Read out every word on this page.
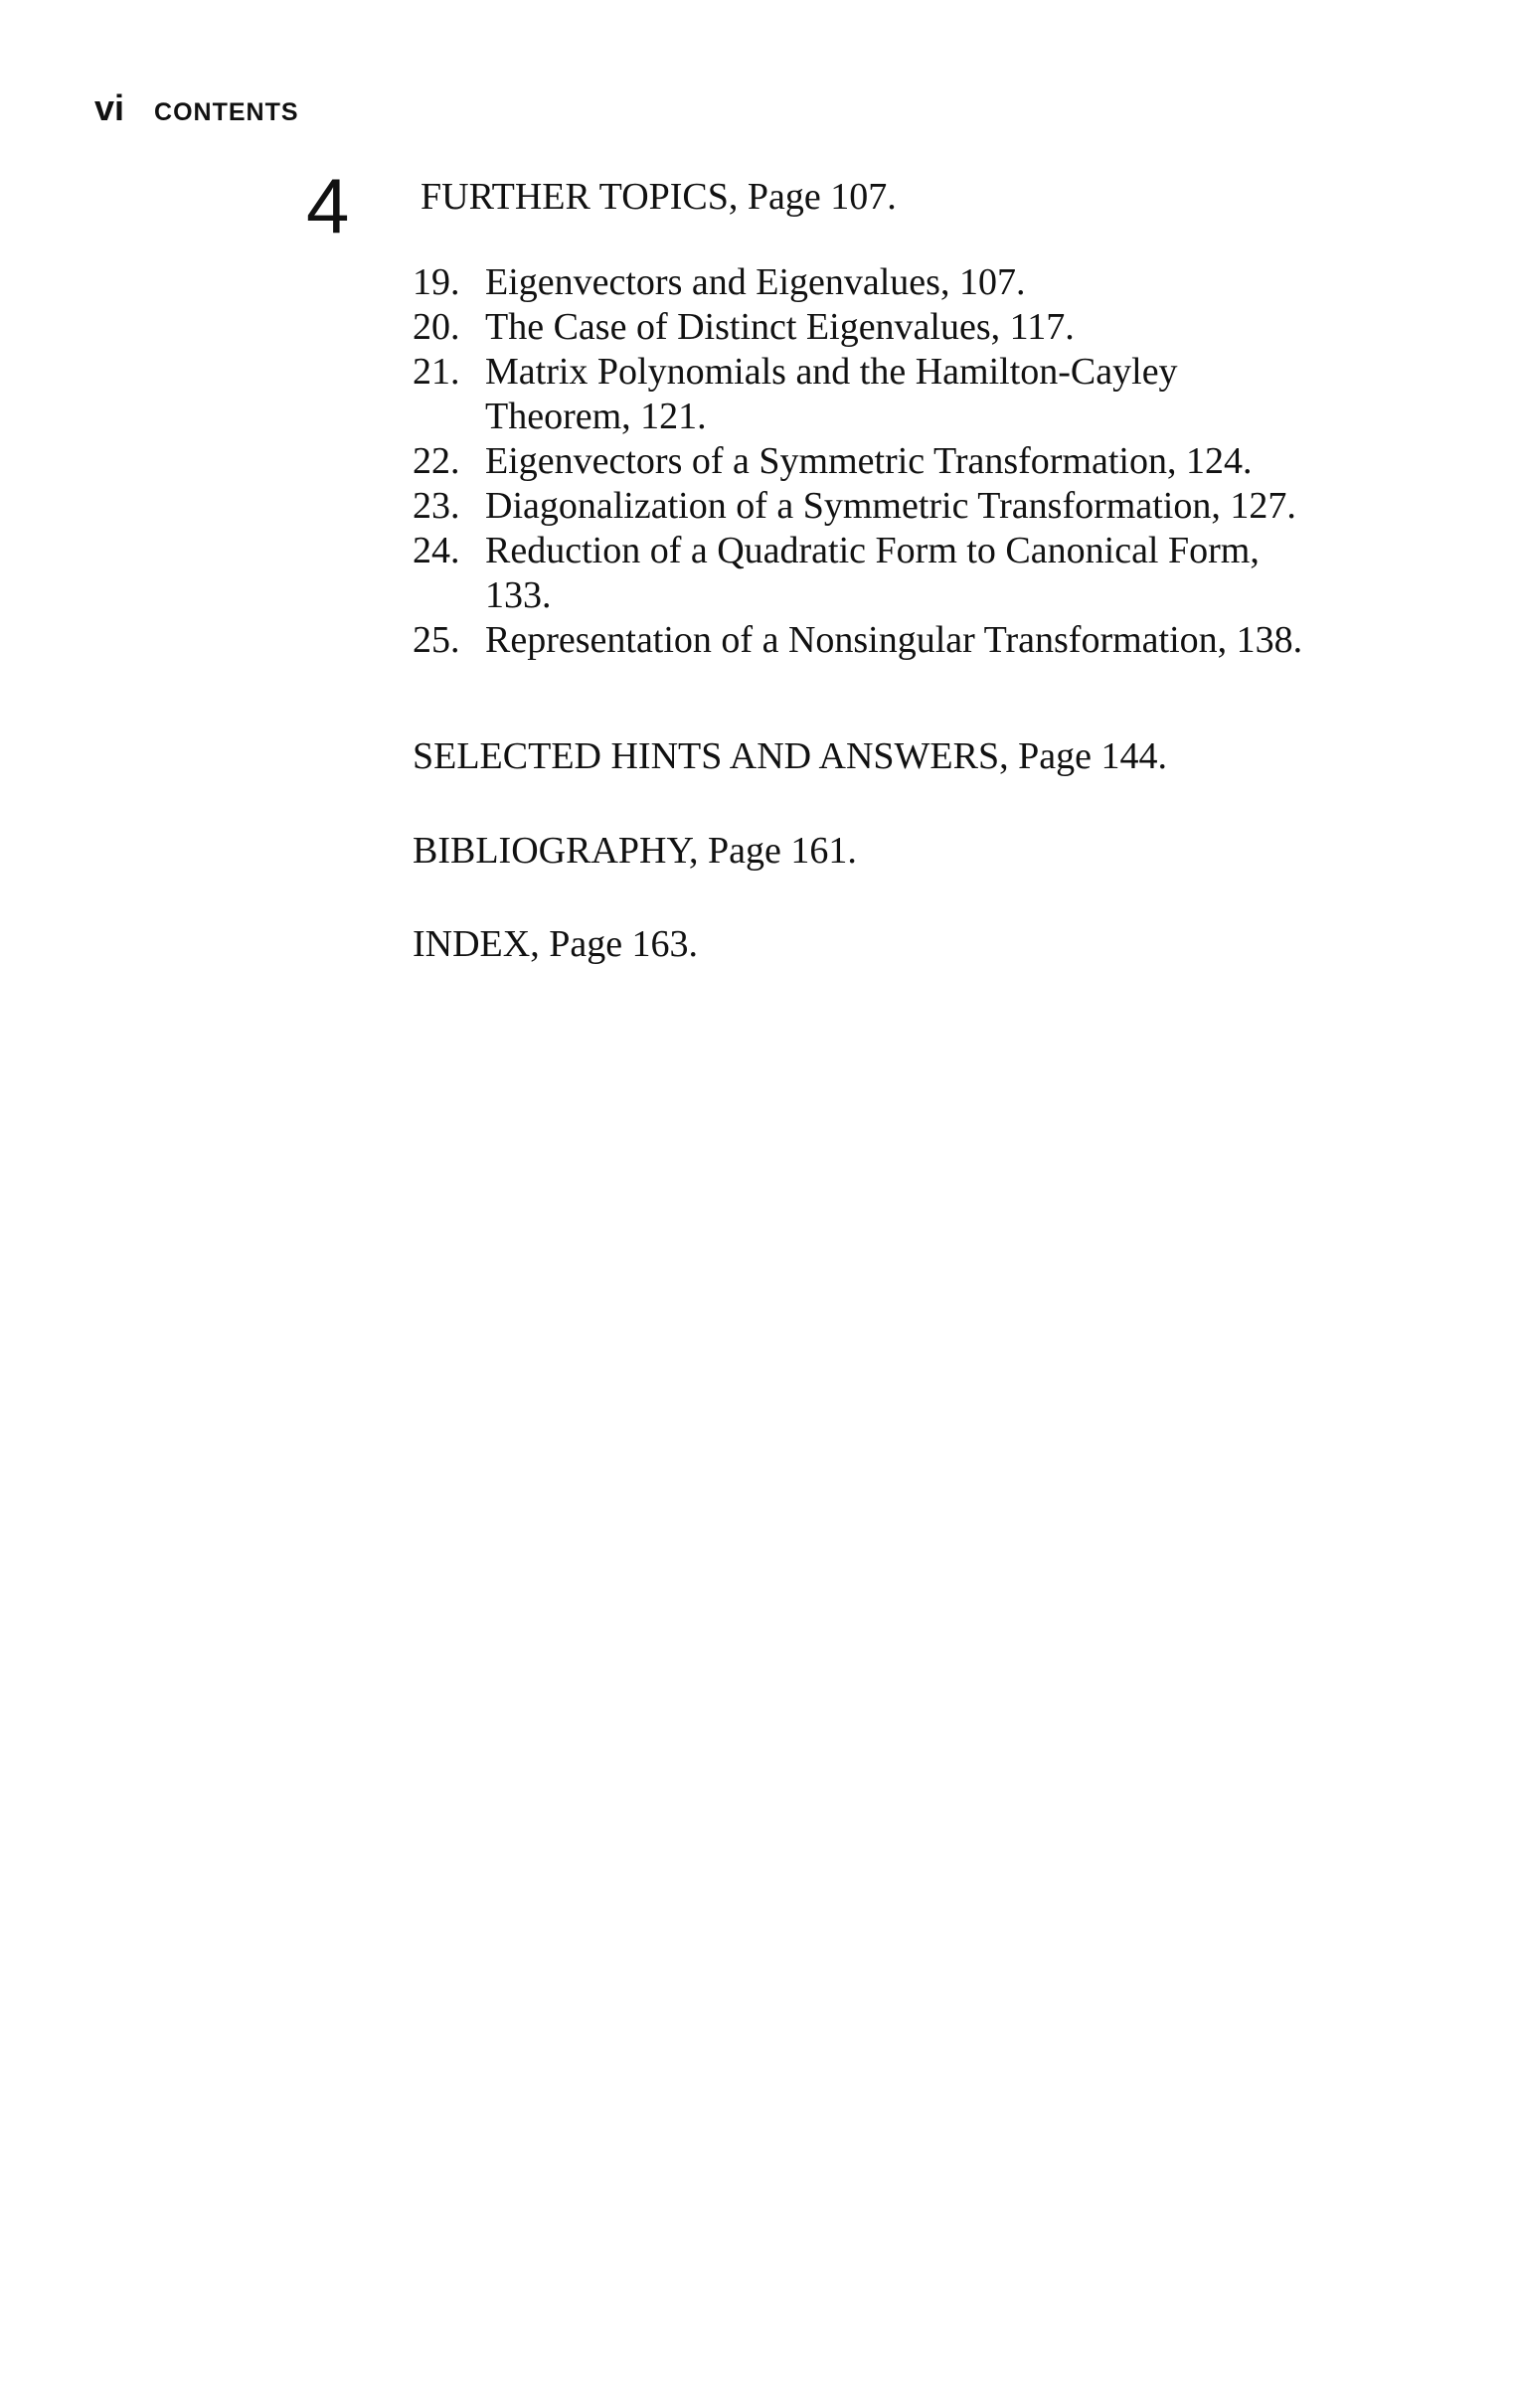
vi CONTENTS
4 FURTHER TOPICS, Page 107.
19. Eigenvectors and Eigenvalues, 107.
20. The Case of Distinct Eigenvalues, 117.
21. Matrix Polynomials and the Hamilton-Cayley Theorem, 121.
22. Eigenvectors of a Symmetric Transformation, 124.
23. Diagonalization of a Symmetric Transformation, 127.
24. Reduction of a Quadratic Form to Canonical Form, 133.
25. Representation of a Nonsingular Transformation, 138.
SELECTED HINTS AND ANSWERS, Page 144.
BIBLIOGRAPHY, Page 161.
INDEX, Page 163.
